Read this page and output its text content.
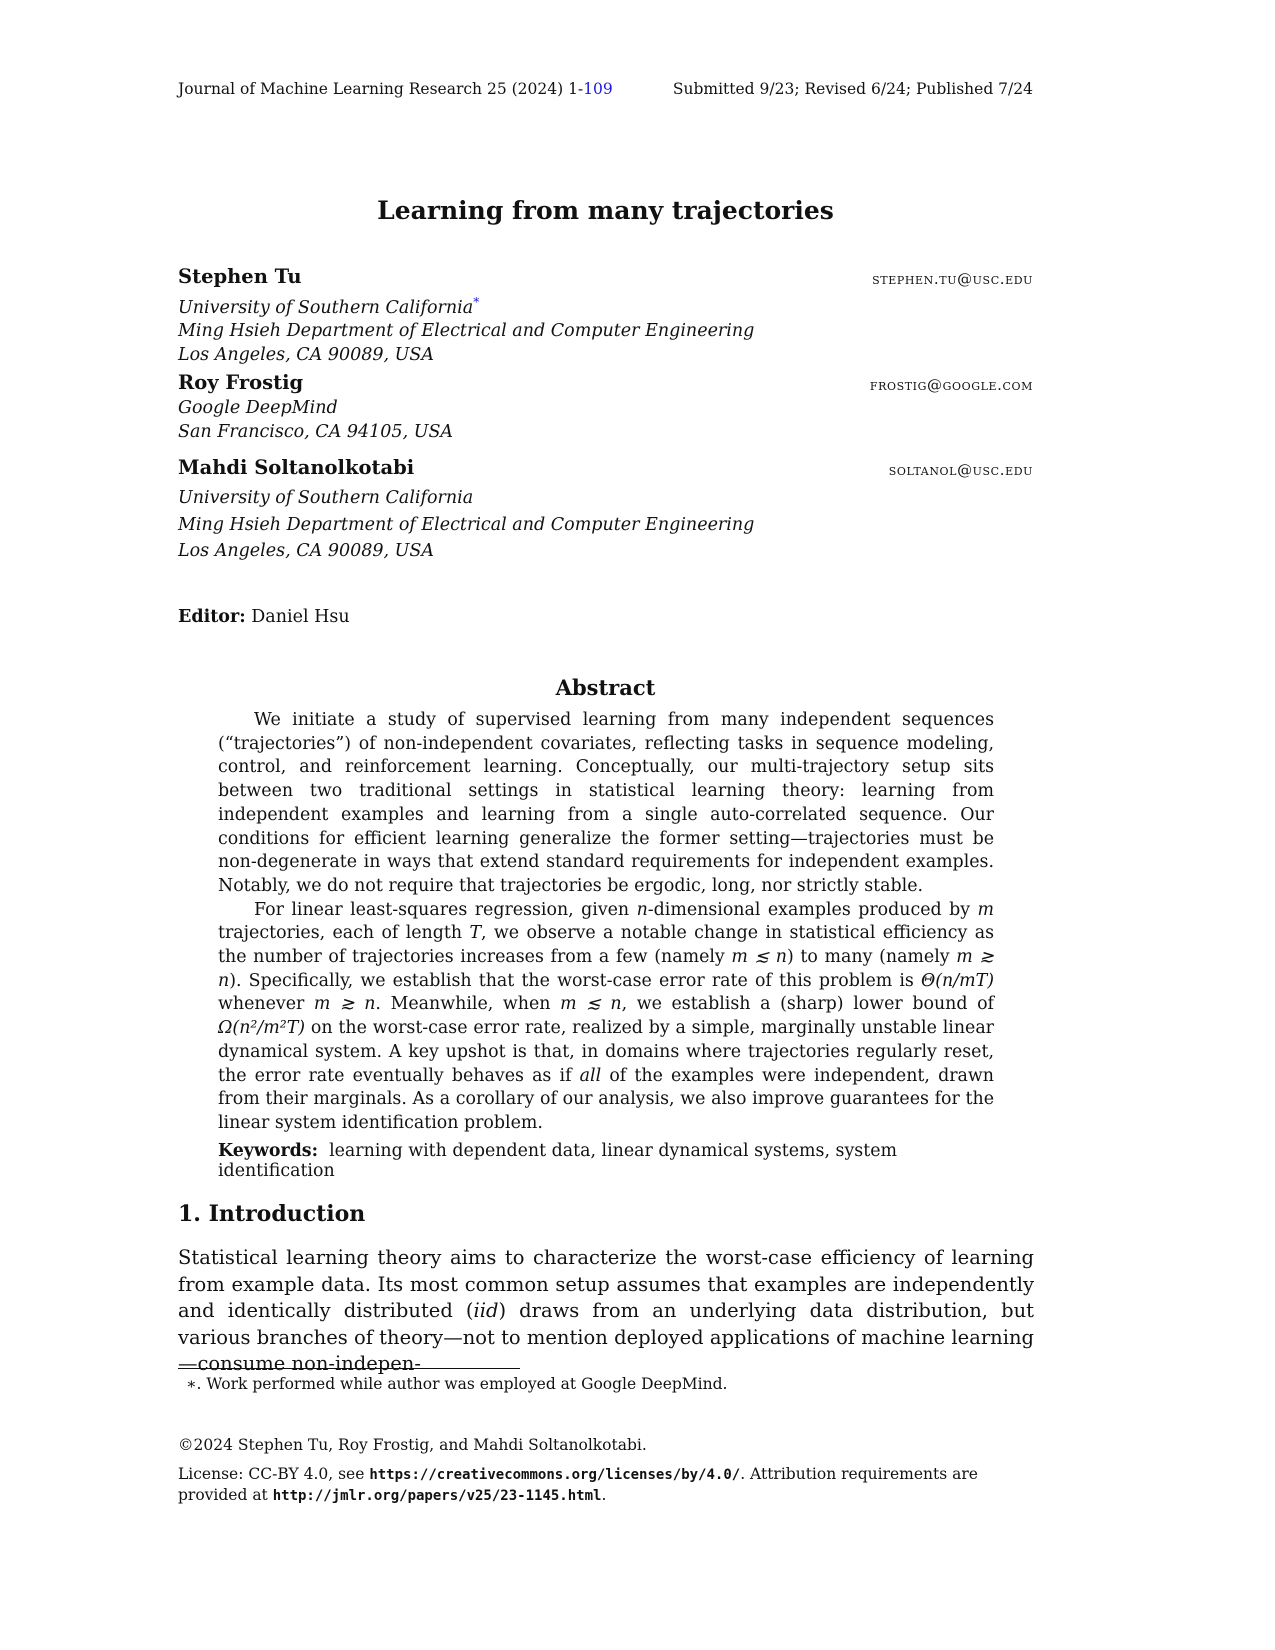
Journal of Machine Learning Research 25 (2024) 1-109	Submitted 9/23; Revised 6/24; Published 7/24
Learning from many trajectories
Stephen Tu	stephen.tu@usc.edu
University of Southern California*
Ming Hsieh Department of Electrical and Computer Engineering
Los Angeles, CA 90089, USA
Roy Frostig	frostig@google.com
Google DeepMind
San Francisco, CA 94105, USA
Mahdi Soltanolkotabi	soltanol@usc.edu
University of Southern California
Ming Hsieh Department of Electrical and Computer Engineering
Los Angeles, CA 90089, USA
Editor: Daniel Hsu
Abstract

We initiate a study of supervised learning from many independent sequences (“trajectories”) of non-independent covariates, reflecting tasks in sequence modeling, control, and reinforcement learning. Conceptually, our multi-trajectory setup sits between two traditional settings in statistical learning theory: learning from independent examples and learning from a single auto-correlated sequence. Our conditions for efficient learning generalize the former setting—trajectories must be non-degenerate in ways that extend standard requirements for independent examples. Notably, we do not require that trajectories be ergodic, long, nor strictly stable.

For linear least-squares regression, given n-dimensional examples produced by m trajectories, each of length T, we observe a notable change in statistical efficiency as the number of trajectories increases from a few (namely m ≲ n) to many (namely m ≳ n). Specifically, we establish that the worst-case error rate of this problem is Θ(n/mT) whenever m ≳ n. Meanwhile, when m ≲ n, we establish a (sharp) lower bound of Ω(n²/m²T) on the worst-case error rate, realized by a simple, marginally unstable linear dynamical system. A key upshot is that, in domains where trajectories regularly reset, the error rate eventually behaves as if all of the examples were independent, drawn from their marginals. As a corollary of our analysis, we also improve guarantees for the linear system identification problem.

Keywords: learning with dependent data, linear dynamical systems, system identification
1. Introduction

Statistical learning theory aims to characterize the worst-case efficiency of learning from example data. Its most common setup assumes that examples are independently and identically distributed (iid) draws from an underlying data distribution, but various branches of theory—not to mention deployed applications of machine learning—consume non-indepen-

∗. Work performed while author was employed at Google DeepMind.
©2024 Stephen Tu, Roy Frostig, and Mahdi Soltanolkotabi.
License: CC-BY 4.0, see https://creativecommons.org/licenses/by/4.0/. Attribution requirements are provided at http://jmlr.org/papers/v25/23-1145.html.
